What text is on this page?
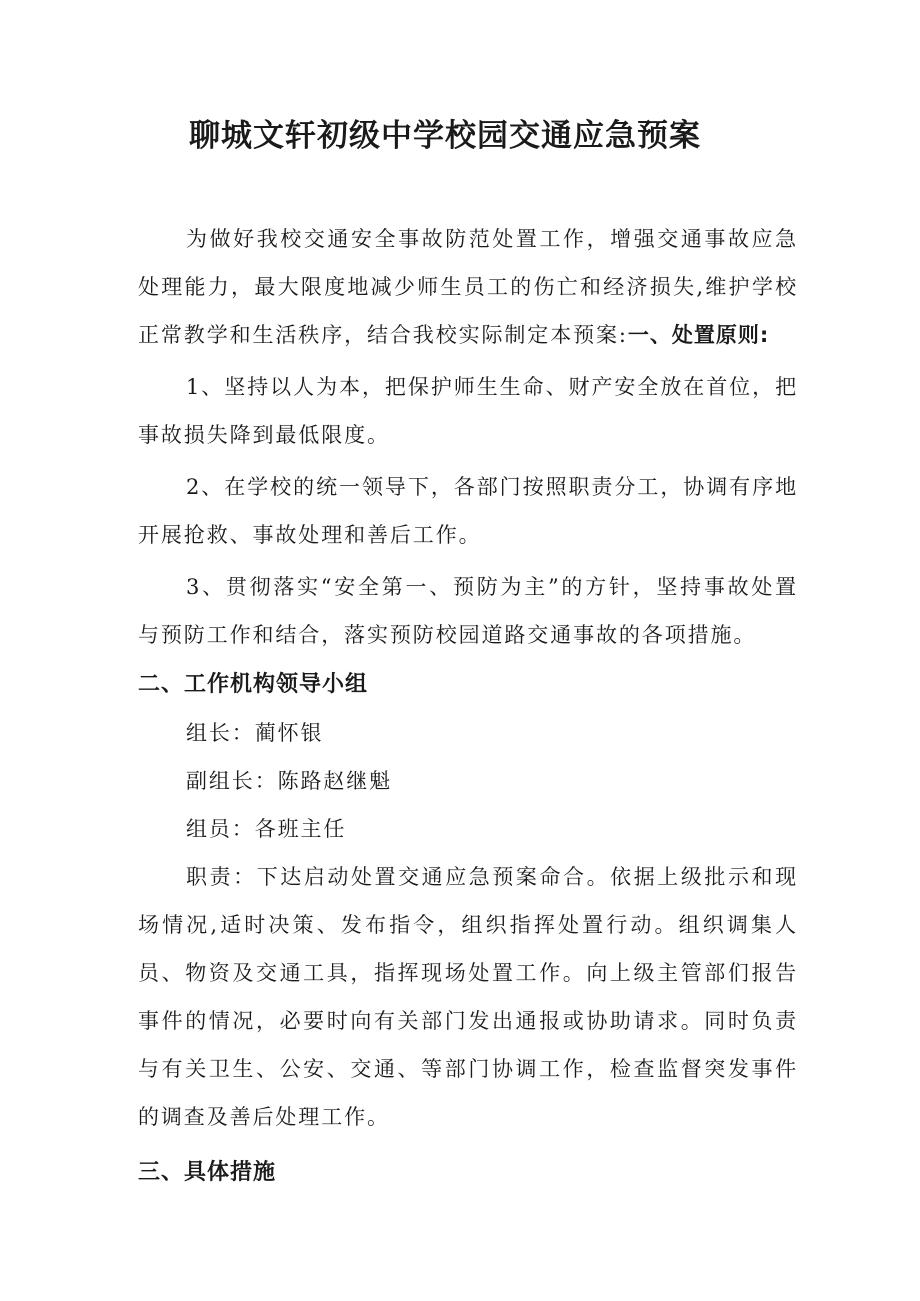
聊城文轩初级中学校园交通应急预案

为做好我校交通安全事故防范处置工作，增强交通事故应急处理能力，最大限度地减少师生员工的伤亡和经济损失,维护学校正常教学和生活秩序，结合我校实际制定本预案:一、处置原则:

1、坚持以人为本，把保护师生生命、财产安全放在首位，把事故损失降到最低限度。

2、在学校的统一领导下，各部门按照职责分工，协调有序地开展抢救、事故处理和善后工作。

3、贯彻落实“安全第一、预防为主”的方针，坚持事故处置与预防工作和结合，落实预防校园道路交通事故的各项措施。

二、工作机构领导小组

组长：蔺怀银

副组长：陈路赵继魁

组员：各班主任

职责：下达启动处置交通应急预案命合。依据上级批示和现场情况,适时决策、发布指令，组织指挥处置行动。组织调集人员、物资及交通工具，指挥现场处置工作。向上级主管部们报告事件的情况，必要时向有关部门发出通报或协助请求。同时负责与有关卫生、公安、交通、等部门协调工作，检查监督突发事件的调查及善后处理工作。

三、具体措施
